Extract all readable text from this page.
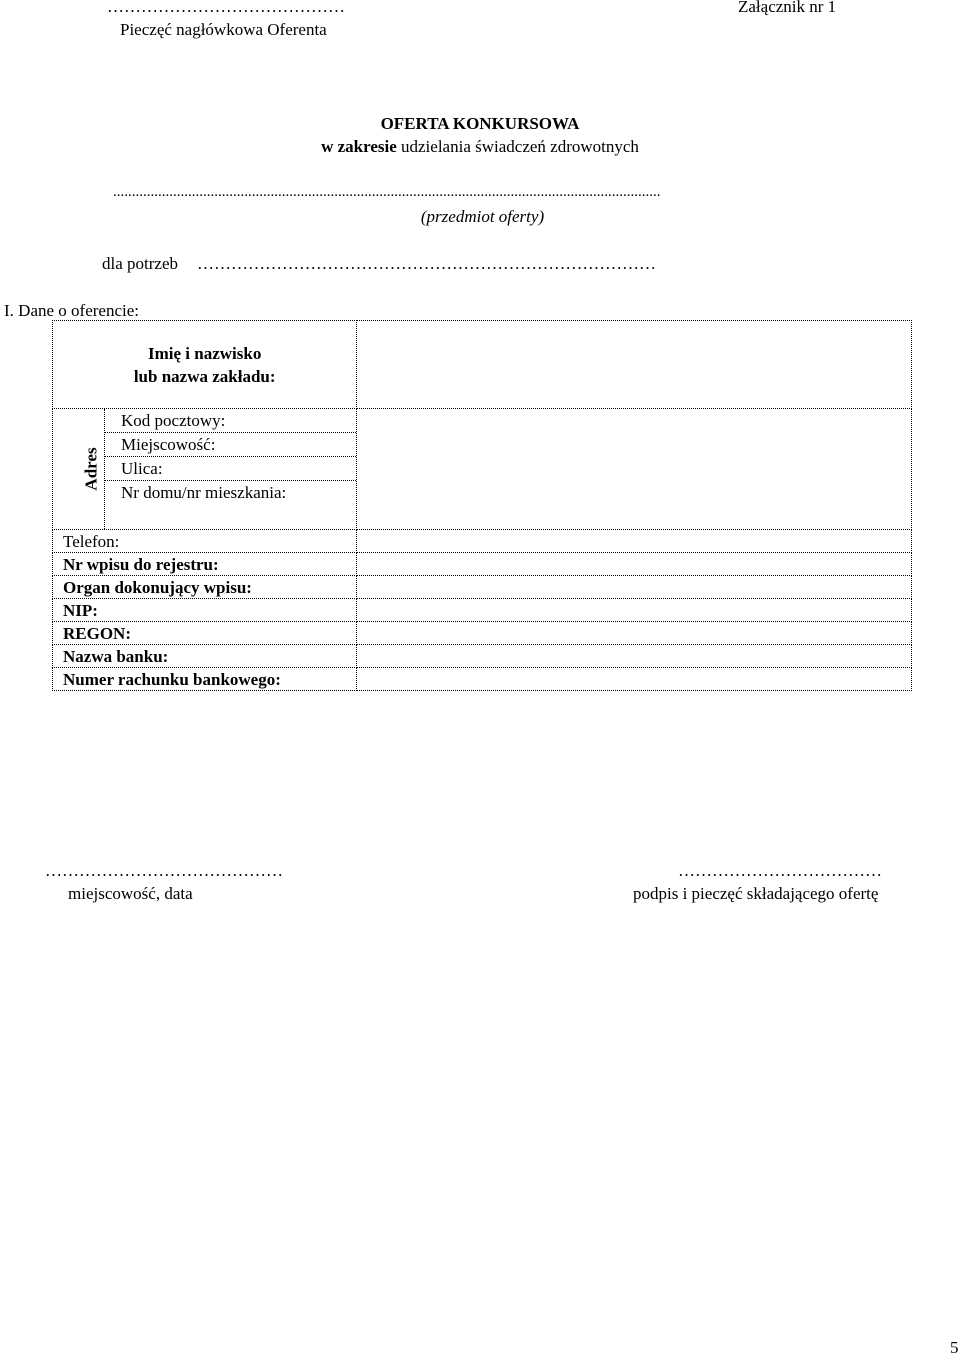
……………………………………
Pieczęć nagłówkowa Oferenta
Załącznik nr 1
OFERTA KONKURSOWA
w zakresie udzielania świadczeń zdrowotnych
..................................................................................................................................................
(przedmiot oferty)
dla potrzeb ………………………………………………………………………
I. Dane o oferencie:
Imię i nazwisko
lub nazwa zakładu:	

Adres
Kod pocztowy:
Miejscowość:
Ulica:
Nr domu/nr mieszkania:	

Telefon:	
Nr wpisu do rejestru:	
Organ dokonujący wpisu:	
NIP:	
REGON:	
Nazwa banku:	
Numer rachunku bankowego:	
……………………………………
miejscowość, data
………………………………
podpis i pieczęć składającego ofertę
5
